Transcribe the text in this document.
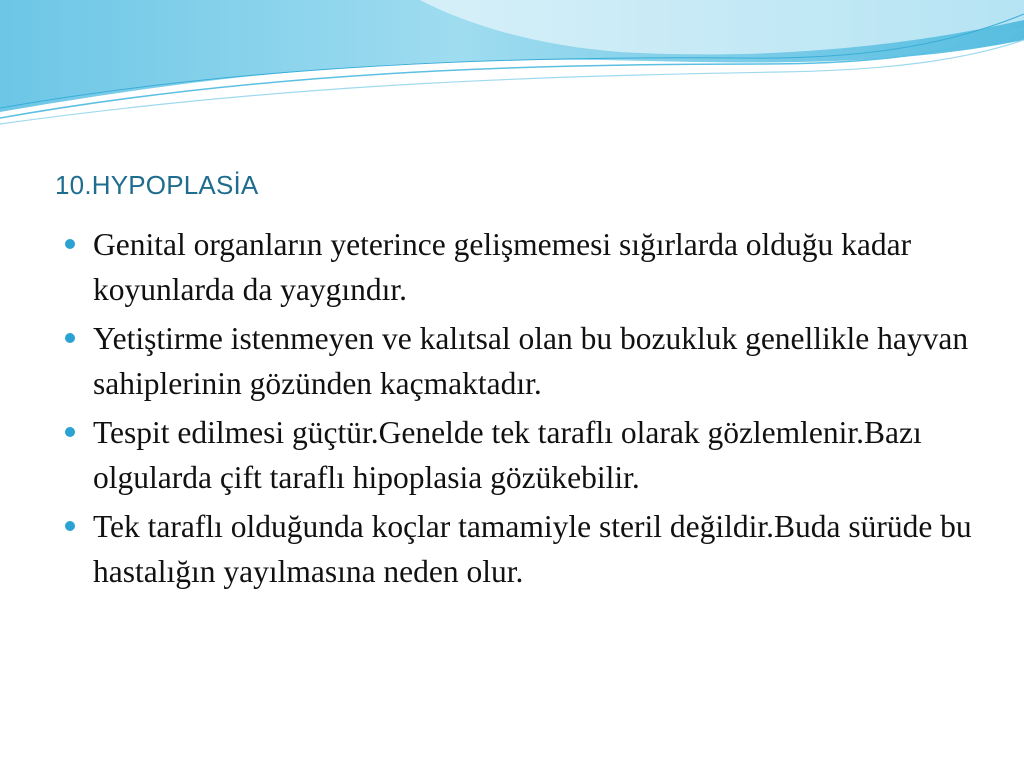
10.HYPOPLASİA
Genital organların yeterince gelişmemesi sığırlarda olduğu kadar koyunlarda da yaygındır.
Yetiştirme istenmeyen ve kalıtsal olan bu bozukluk genellikle hayvan sahiplerinin gözünden kaçmaktadır.
Tespit edilmesi güçtür.Genelde tek taraflı olarak gözlemlenir.Bazı olgularda çift taraflı hipoplasia gözükebilir.
Tek taraflı olduğunda koçlar tamamiyle steril değildir.Buda sürüde bu hastalığın yayılmasına neden olur.
